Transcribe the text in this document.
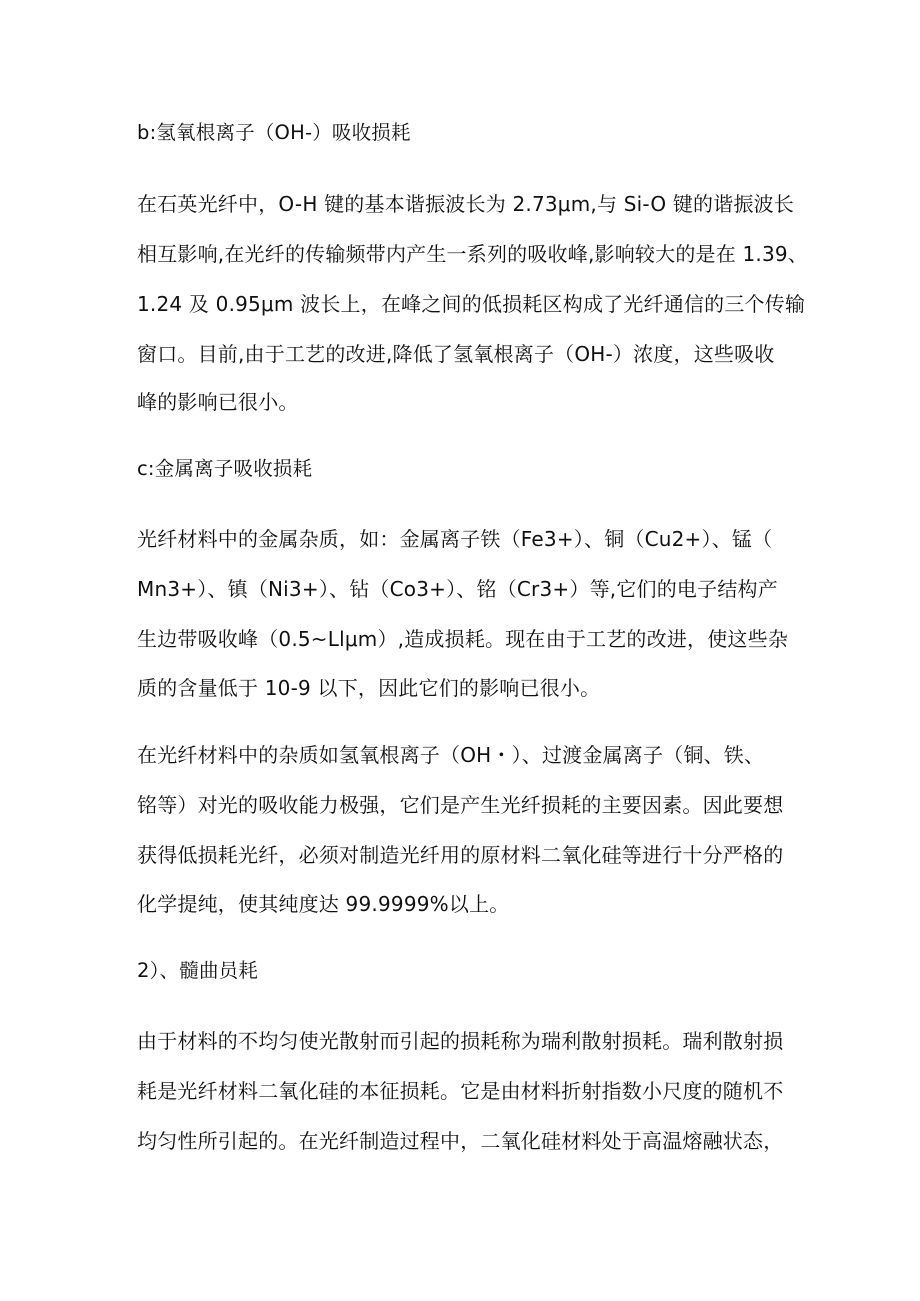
b:氢氧根离子（OH-）吸收损耗
在石英光纤中，O-H 键的基本谐振波长为 2.73μm,与 Si-O 键的谐振波长
相互影响,在光纤的传输频带内产生一系列的吸收峰,影响较大的是在 1.39、
1.24 及 0.95μm 波长上，在峰之间的低损耗区构成了光纤通信的三个传输
窗口。目前,由于工艺的改进,降低了氢氧根离子（OH-）浓度，这些吸收
峰的影响已很小。
c:金属离子吸收损耗
光纤材料中的金属杂质，如：金属离子铁（Fe3+）、铜（Cu2+）、锰（
Mn3+）、镇（Ni3+）、钻（Co3+）、铭（Cr3+）等,它们的电子结构产
生边带吸收峰（0.5~Llμm）,造成损耗。现在由于工艺的改进，使这些杂
质的含量低于 10-9 以下，因此它们的影响已很小。
在光纤材料中的杂质如氢氧根离子（OH・）、过渡金属离子（铜、铁、
铭等）对光的吸收能力极强，它们是产生光纤损耗的主要因素。因此要想
获得低损耗光纤，必须对制造光纤用的原材料二氧化硅等进行十分严格的
化学提纯，使其纯度达 99.9999%以上。
2）、髓曲员耗
由于材料的不均匀使光散射而引起的损耗称为瑞利散射损耗。瑞利散射损
耗是光纤材料二氧化硅的本征损耗。它是由材料折射指数小尺度的随机不
均匀性所引起的。在光纤制造过程中，二氧化硅材料处于高温熔融状态，
